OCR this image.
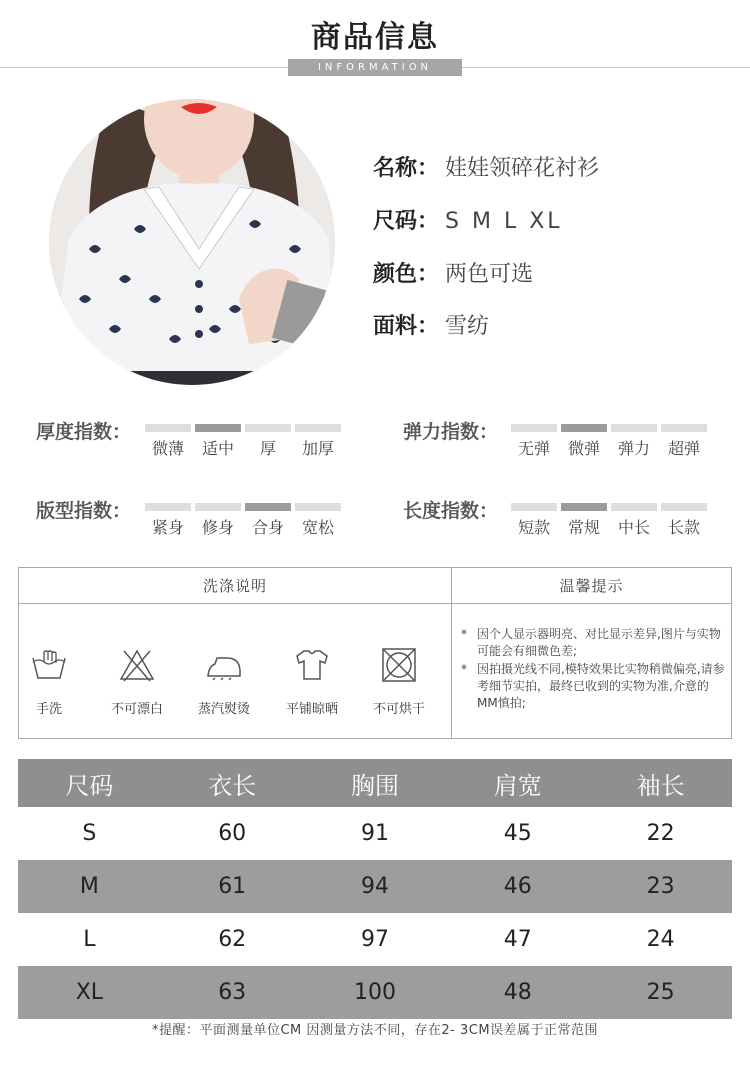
商品信息
INFORMATION
名称： 娃娃领碎花衬衫
尺码： S M L XL
颜色： 两色可选
面料： 雪纺
厚度指数：
微薄	适中	厚	加厚
弹力指数：
无弹	微弹	弹力	超弹
版型指数：
紧身	修身	合身	宽松
长度指数：
短款	常规	中长	长款
洗涤说明	温馨提示
手洗	不可漂白	蒸汽熨烫	平铺晾晒	不可烘干
* 因个人显示器明亮、对比显示差异,图片与实物可能会有细微色差;
* 因拍摄光线不同,模特效果比实物稍微偏亮,请参考细节实拍，最终已收到的实物为准,介意的MM慎拍;
尺码	衣长	胸围	肩宽	袖长
S	60	91	45	22
M	61	94	46	23
L	62	97	47	24
XL	63	100	48	25
*提醒：平面测量单位CM 因测量方法不同，存在2- 3CM误差属于正常范围
